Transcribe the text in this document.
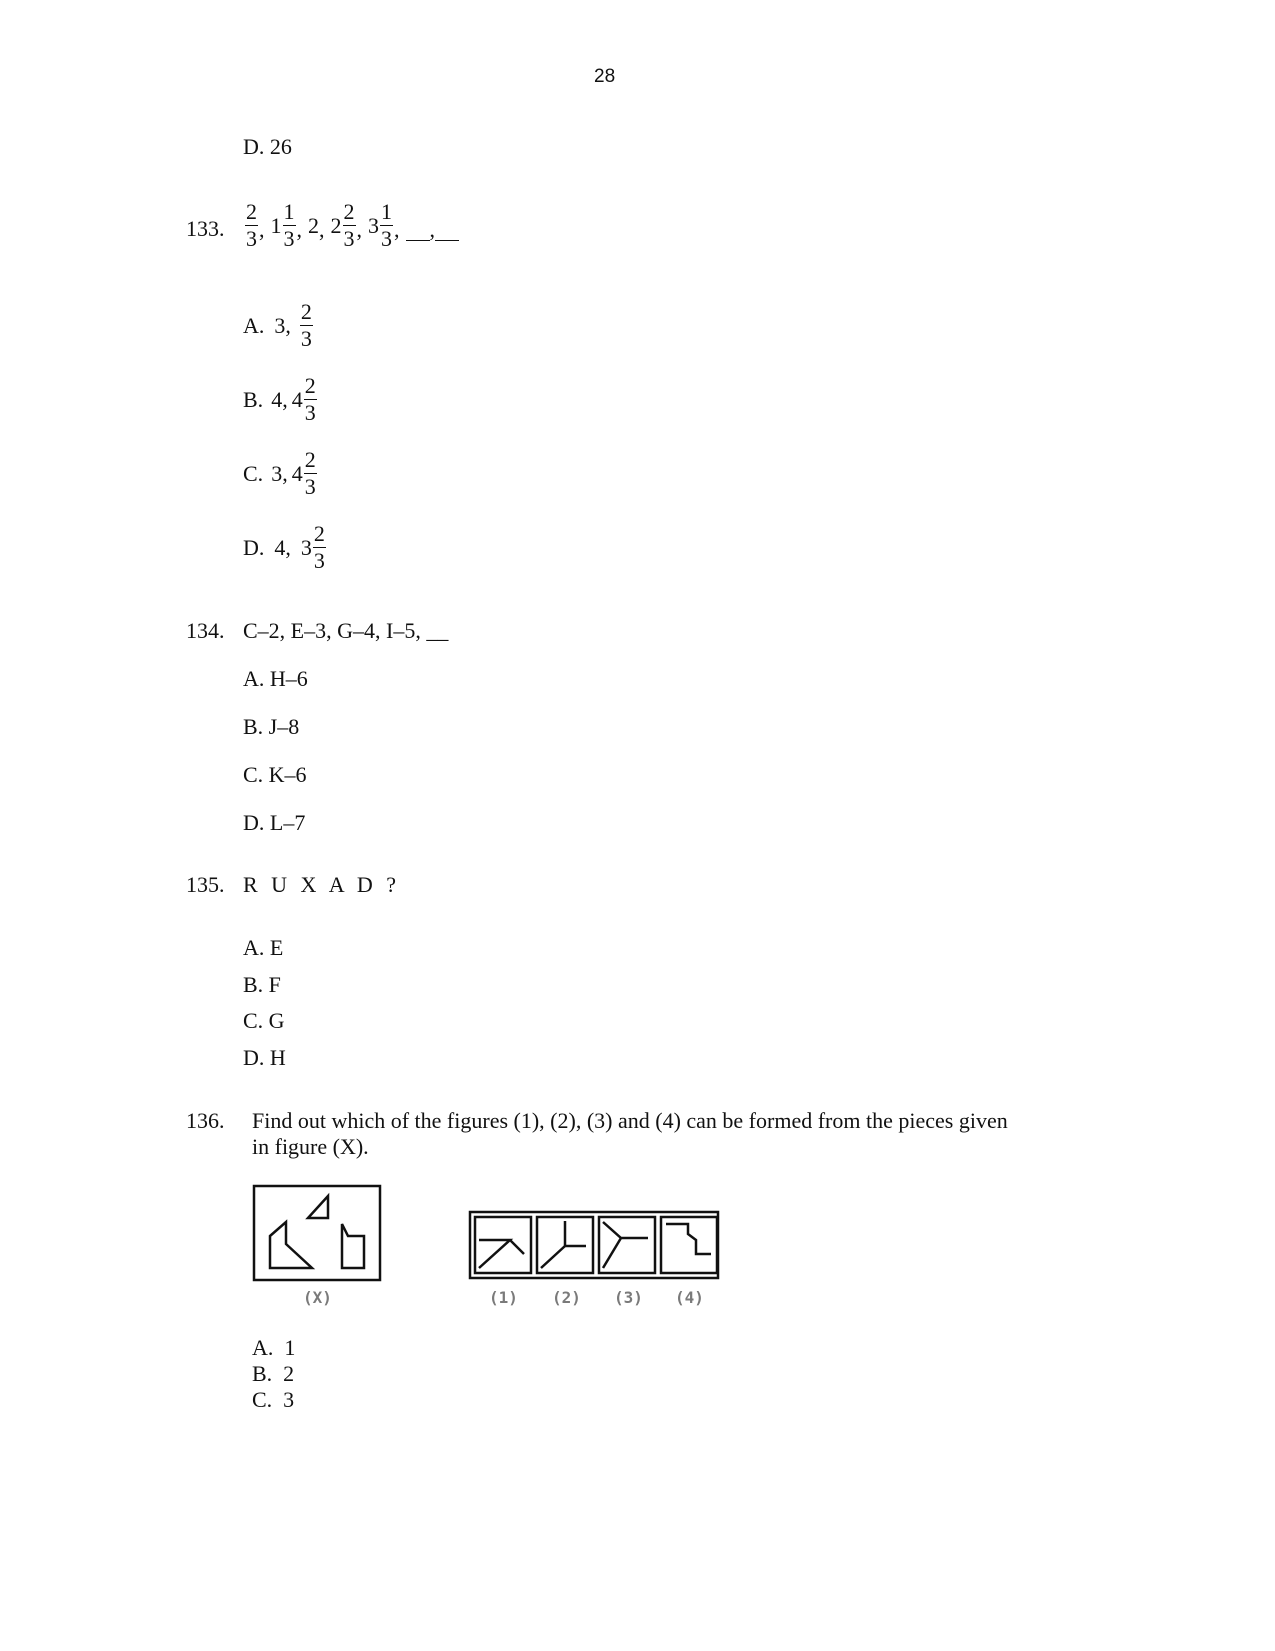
28
D. 26
133. $\frac{2}{3}$ , $1 \frac{1}{3}$ , 2 , $2 \frac{2}{3}$ , $3 \frac{1}{3}$ , ,
A. 3, $\frac{2}{3}$
B. 4, $4 \frac{2}{3}$
C. 3, $4 \frac{2}{3}$
D. 4, $3 \frac{2}{3}$
134. C–2, E–3, G–4, I–5, __
A. H–6
B. J–8
C. K–6
D. L–7
135. R U X A D ?
A. E
B. F
C. G
D. H
136. Find out which of the figures (1), (2), (3) and (4) can be formed from the pieces given
in figure (X).
(X)	(1) (2) (3) (4)
A.  1
B.  2
C.  3
